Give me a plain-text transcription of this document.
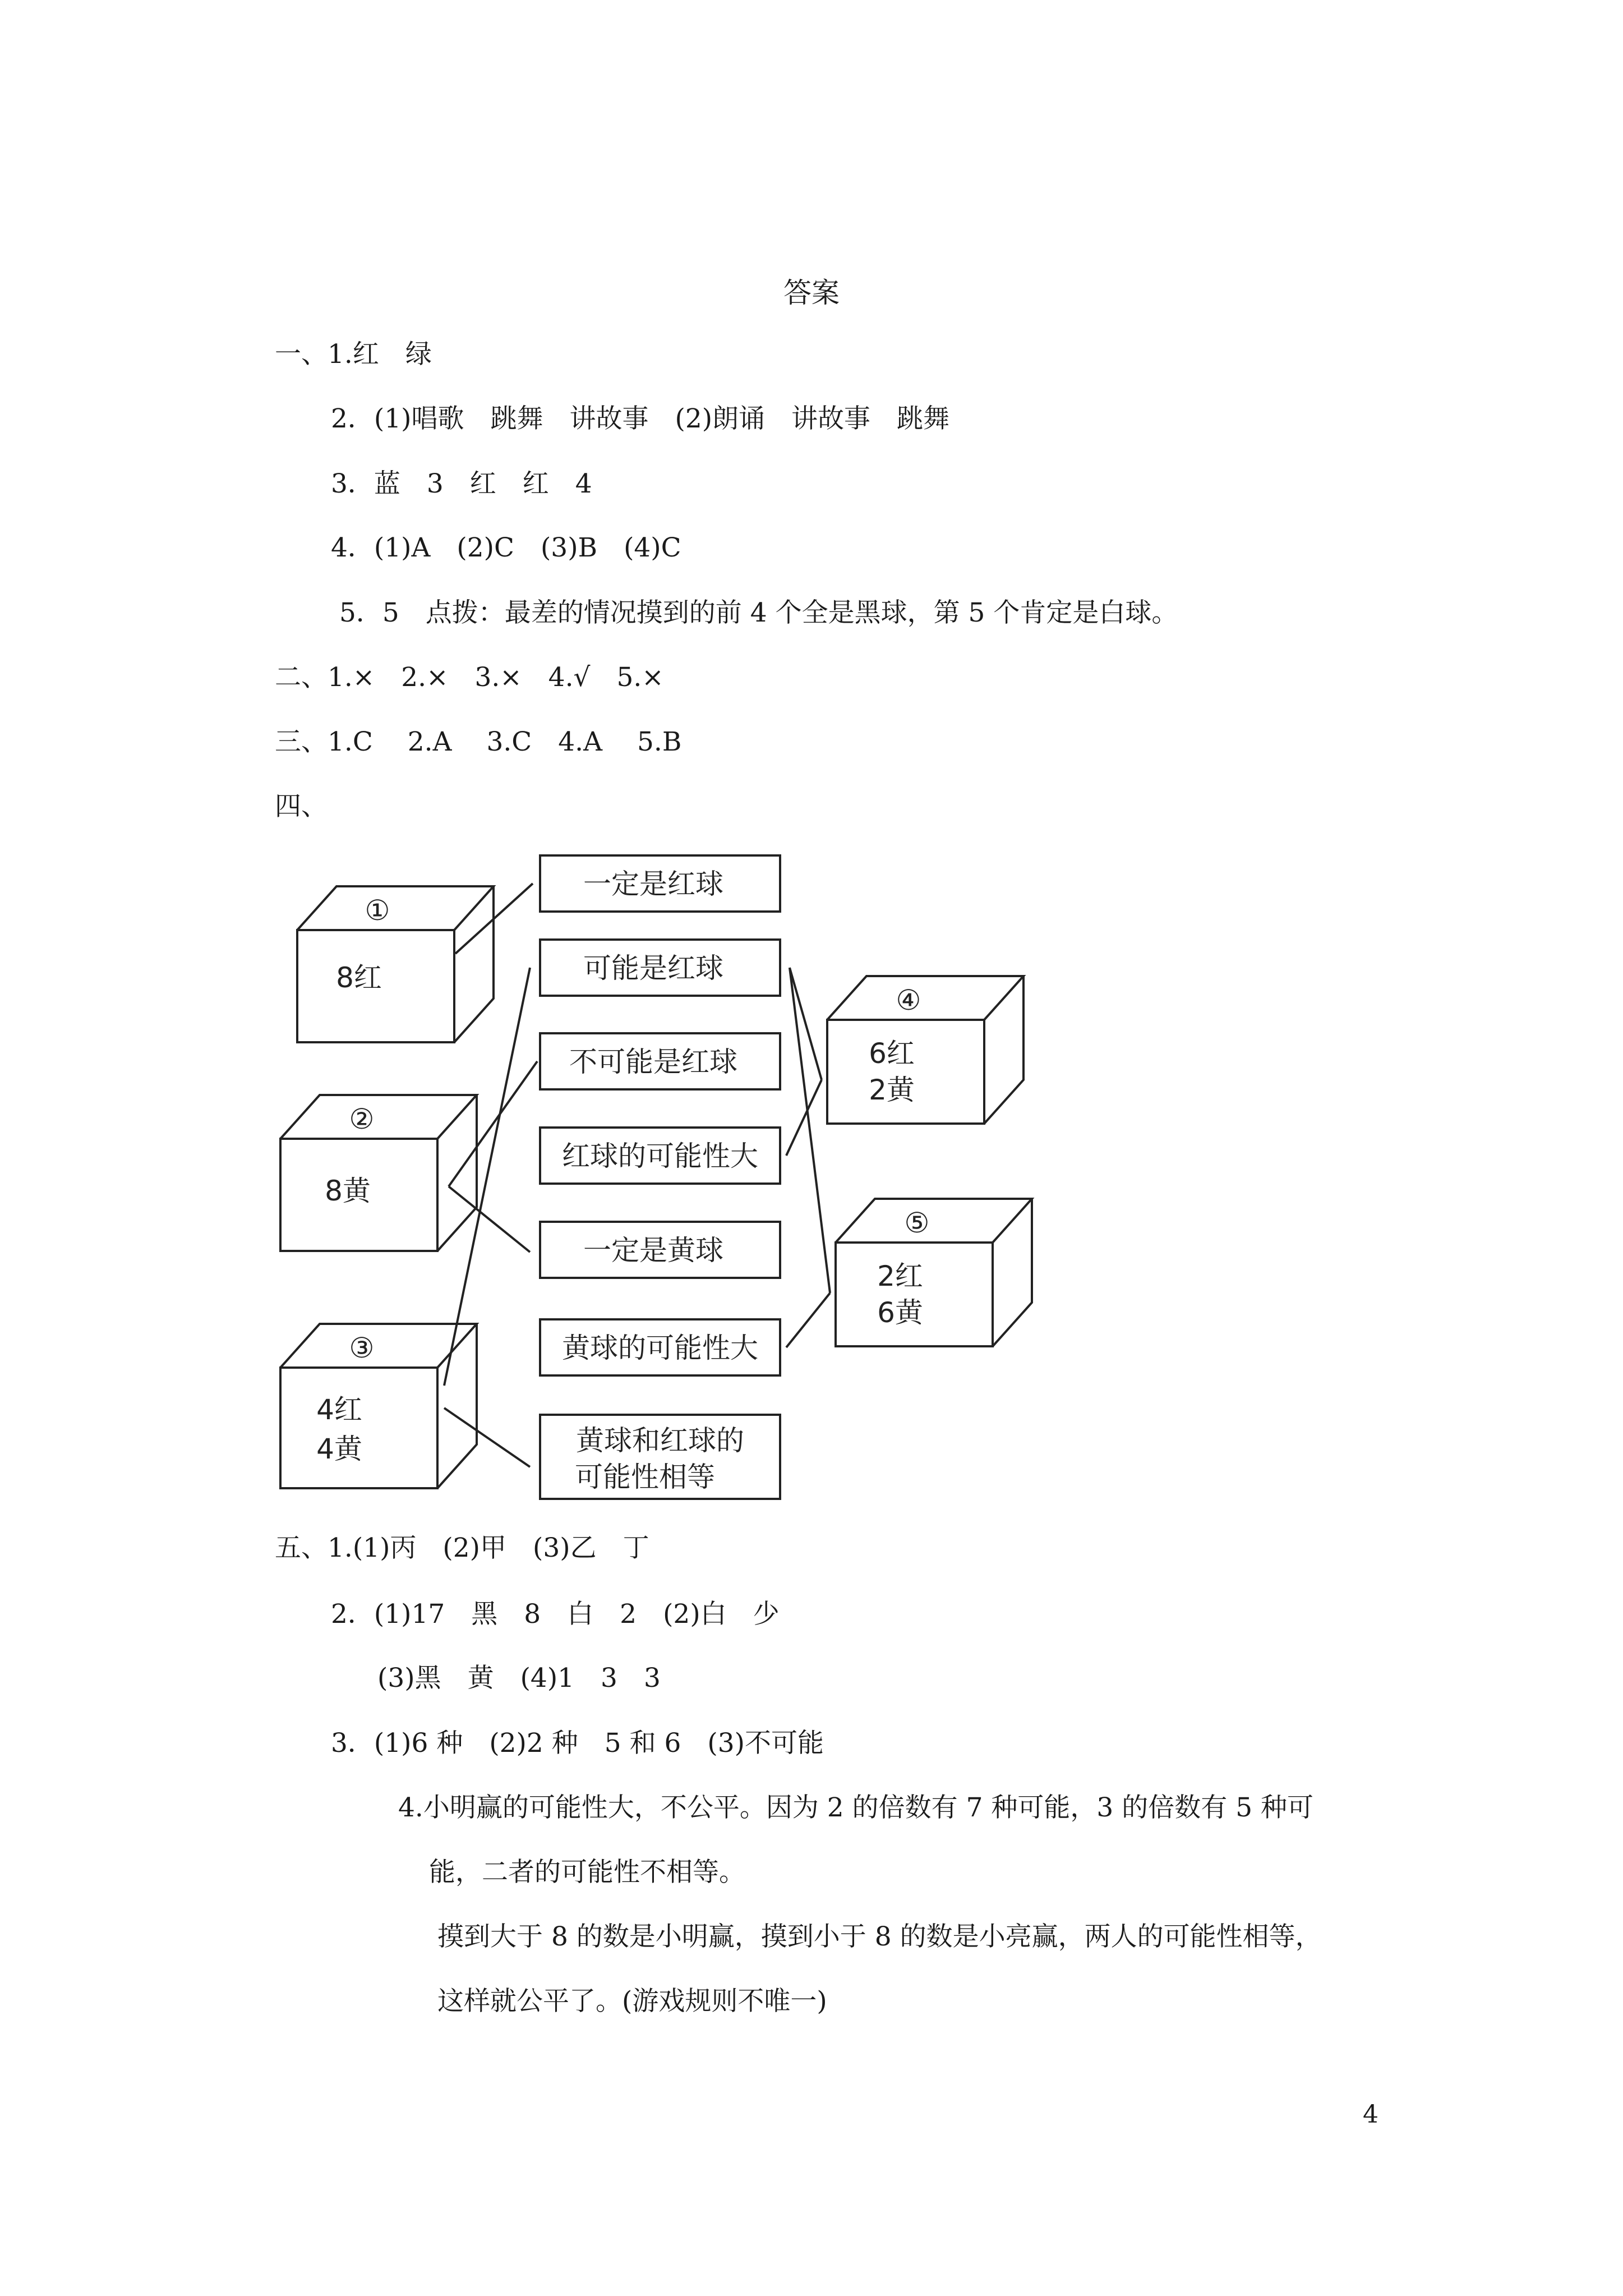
答案
一、1.红　绿
2．(1)唱歌　跳舞　讲故事　(2)朗诵　讲故事　跳舞
3．蓝　3　红　红　4
4．(1)A　(2)C　(3)B　(4)C
5．5　点拨：最差的情况摸到的前 4 个全是黑球，第 5 个肯定是白球。
二、1.×　2.×　3.×　4.√　5.×
三、1.C　 2.A　 3.C　4.A　 5.B
四、
①
8红
②
8黄
③
4红
4黄
④
6红
2黄
⑤
2红
6黄
一定是红球
可能是红球
不可能是红球
红球的可能性大
一定是黄球
黄球的可能性大
黄球和红球的
可能性相等
五、1.(1)丙　(2)甲　(3)乙　丁
2．(1)17　黑　8　白　2　(2)白　少
(3)黑　黄　(4)1　3　3
3．(1)6 种　(2)2 种　5 和 6　(3)不可能
4.小明赢的可能性大，不公平。因为 2 的倍数有 7 种可能，3 的倍数有 5 种可
能，二者的可能性不相等。
摸到大于 8 的数是小明赢，摸到小于 8 的数是小亮赢，两人的可能性相等，
这样就公平了。(游戏规则不唯一)
4
